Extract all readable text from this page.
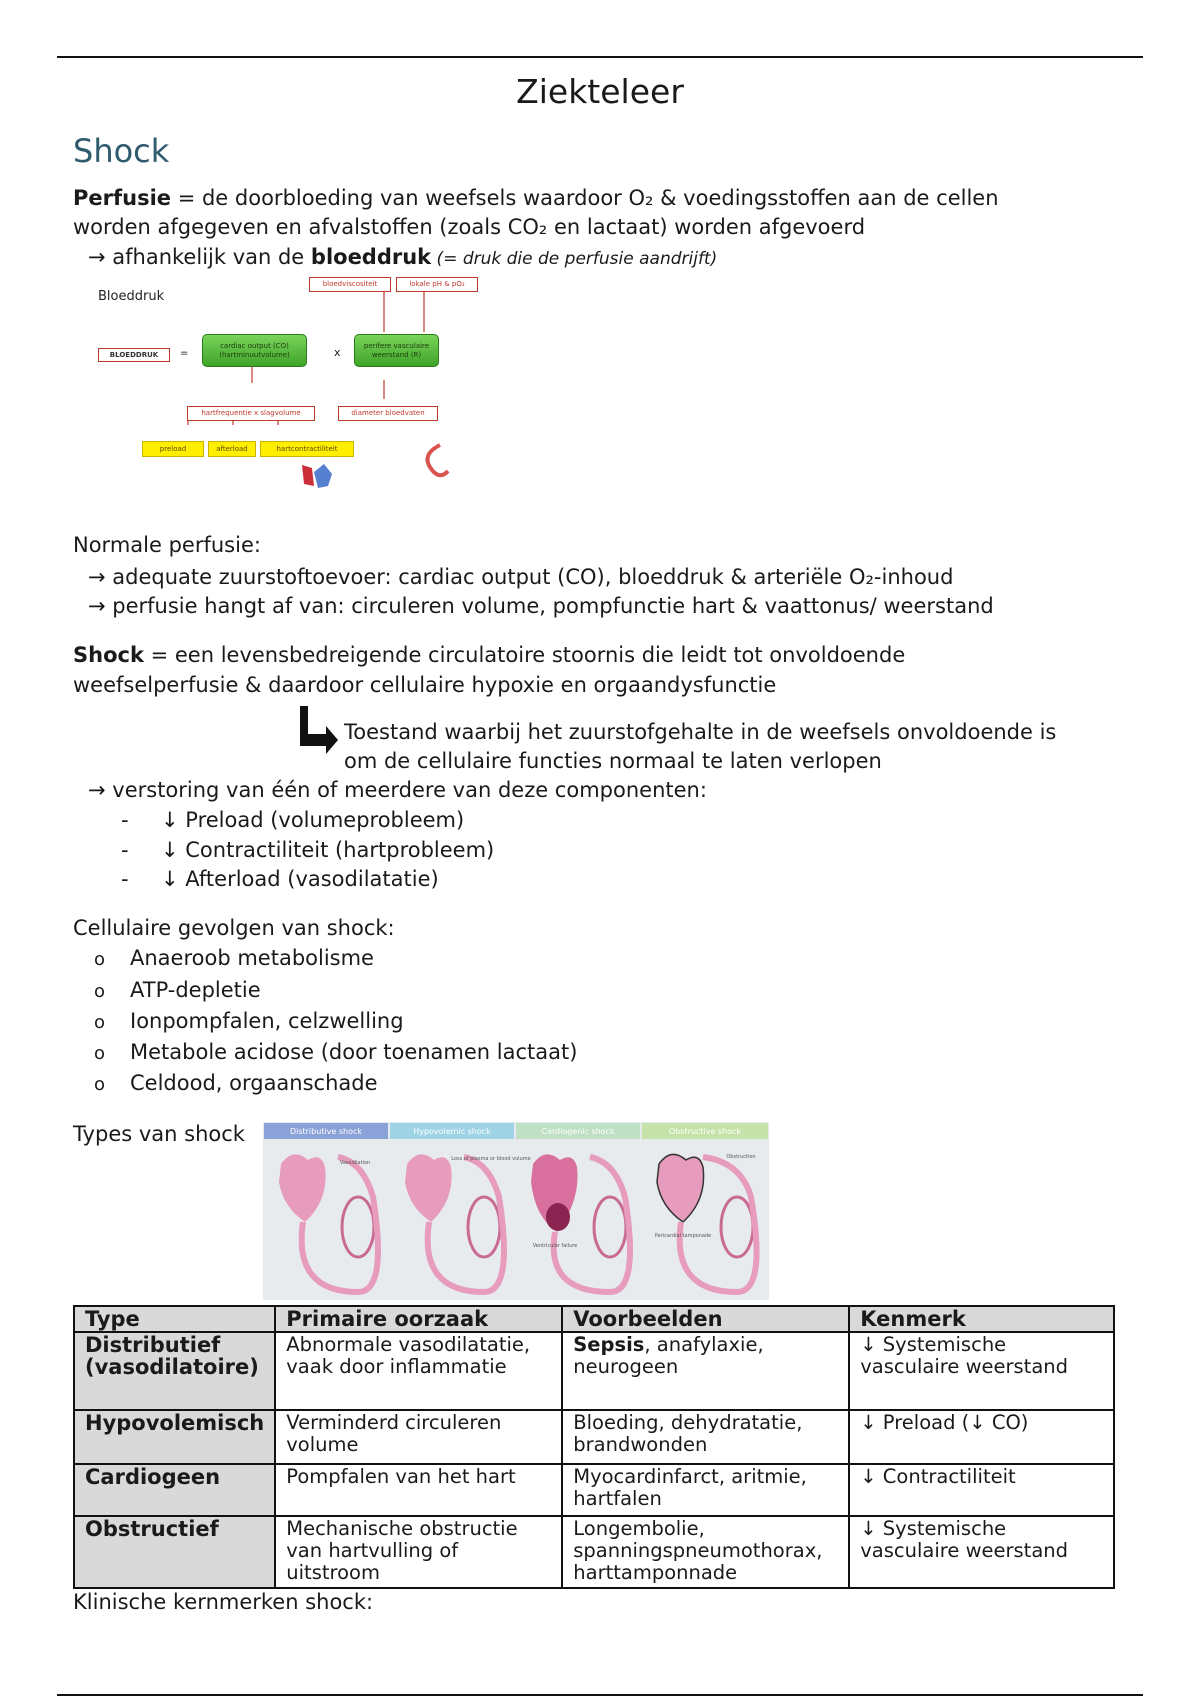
Ziekteleer
Shock
Perfusie = de doorbloeding van weefsels waardoor O₂ & voedingsstoffen aan de cellen
worden afgegeven en afvalstoffen (zoals CO₂ en lactaat) worden afgevoerd
→ afhankelijk van de bloeddruk (= druk die de perfusie aandrijft)
Bloeddruk
bloedviscositeit	lokale pH & pO₂
BLOEDDRUK	=
cardiac output (CO) (hartminuutvolume)	x
perifere vasculaire weerstand (R)
hartfrequentie x slagvolume	diameter bloedvaten
preload	afterload	hartcontractiliteit
Normale perfusie:
→ adequate zuurstoftoevoer: cardiac output (CO), bloeddruk & arteriële O₂-inhoud
→ perfusie hangt af van: circuleren volume, pompfunctie hart & vaattonus/ weerstand
Shock = een levensbedreigende circulatoire stoornis die leidt tot onvoldoende
weefselperfusie & daardoor cellulaire hypoxie en orgaandysfunctie
Toestand waarbij het zuurstofgehalte in de weefsels onvoldoende is
om de cellulaire functies normaal te laten verlopen
→ verstoring van één of meerdere van deze componenten:
- ↓ Preload (volumeprobleem)
- ↓ Contractiliteit (hartprobleem)
- ↓ Afterload (vasodilatatie)
Cellulaire gevolgen van shock:
o Anaeroob metabolisme
o ATP-depletie
o Ionpompfalen, celzwelling
o Metabole acidose (door toenamen lactaat)
o Celdood, orgaanschade
Types van shock	Distributive shock
Vasodilation
Hypovolemic shock
Loss of plasma or blood volume
Cardiogenic shock
Ventricular failure
Obstructive shock
Obstruction
Pericardial tamponade
Type	Primaire oorzaak	Voorbeelden	Kenmerk
Distributief (vasodilatoire)	Abnormale vasodilatatie, vaak door inflammatie	Sepsis, anafylaxie, neurogeen	↓ Systemische vasculaire weerstand
Hypovolemisch	Verminderd circuleren volume	Bloeding, dehydratatie, brandwonden	↓ Preload (↓ CO)
Cardiogeen	Pompfalen van het hart	Myocardinfarct, aritmie, hartfalen	↓ Contractiliteit
Obstructief	Mechanische obstructie van hartvulling of uitstroom	Longembolie, spanningspneumothorax, harttamponnade	↓ Systemische vasculaire weerstand
Klinische kernmerken shock:
